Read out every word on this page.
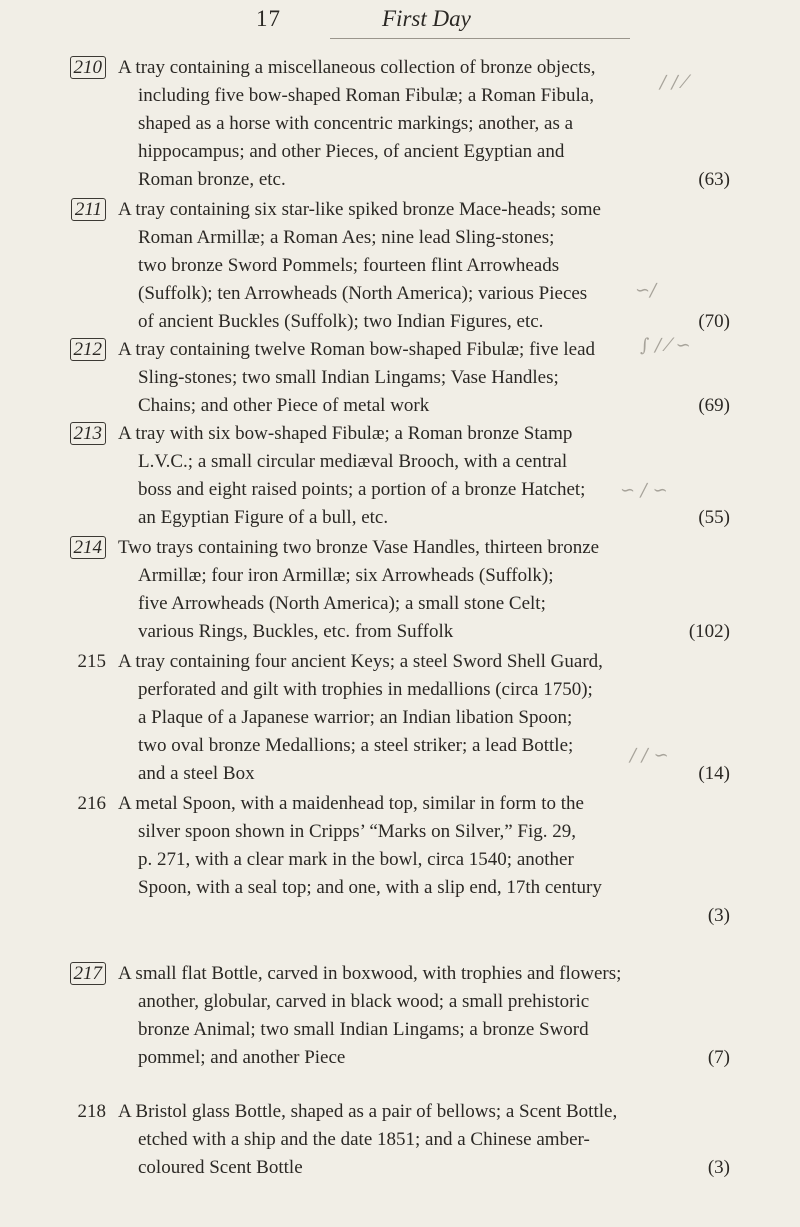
17	First Day
210 A tray containing a miscellaneous collection of bronze objects,
including five bow-shaped Roman Fibulæ; a Roman Fibula,
shaped as a horse with concentric markings; another, as a
hippocampus; and other Pieces, of ancient Egyptian and
Roman bronze, etc.	(63)
211 A tray containing six star-like spiked bronze Mace-heads; some
Roman Armillæ; a Roman Aes; nine lead Sling-stones;
two bronze Sword Pommels; fourteen flint Arrowheads
(Suffolk); ten Arrowheads (North America); various Pieces
of ancient Buckles (Suffolk); two Indian Figures, etc.	(70)
212 A tray containing twelve Roman bow-shaped Fibulæ; five lead
Sling-stones; two small Indian Lingams; Vase Handles;
Chains; and other Piece of metal work	(69)
213 A tray with six bow-shaped Fibulæ; a Roman bronze Stamp
L.V.C.; a small circular mediæval Brooch, with a central
boss and eight raised points; a portion of a bronze Hatchet;
an Egyptian Figure of a bull, etc.	(55)
214 Two trays containing two bronze Vase Handles, thirteen bronze
Armillæ; four iron Armillæ; six Arrowheads (Suffolk);
five Arrowheads (North America); a small stone Celt;
various Rings, Buckles, etc. from Suffolk	(102)
215 A tray containing four ancient Keys; a steel Sword Shell Guard,
perforated and gilt with trophies in medallions (circa 1750);
a Plaque of a Japanese warrior; an Indian libation Spoon;
two oval bronze Medallions; a steel striker; a lead Bottle;
and a steel Box	(14)
216 A metal Spoon, with a maidenhead top, similar in form to the
silver spoon shown in Cripps’ “Marks on Silver,” Fig. 29,
p. 271, with a clear mark in the bowl, circa 1540; another
Spoon, with a seal top; and one, with a slip end, 17th century

(3)
217 A small flat Bottle, carved in boxwood, with trophies and flowers;
another, globular, carved in black wood; a small prehistoric
bronze Animal; two small Indian Lingams; a bronze Sword
pommel; and another Piece	(7)
218 A Bristol glass Bottle, shaped as a pair of bellows; a Scent Bottle,
etched with a ship and the date 1851; and a Chinese amber-
coloured Scent Bottle	(3)
∕ ∕ ⁄
∽∕
∫ ∕ ⁄ ∽
∽ ∕ ∽
∕ ∕ ∽
